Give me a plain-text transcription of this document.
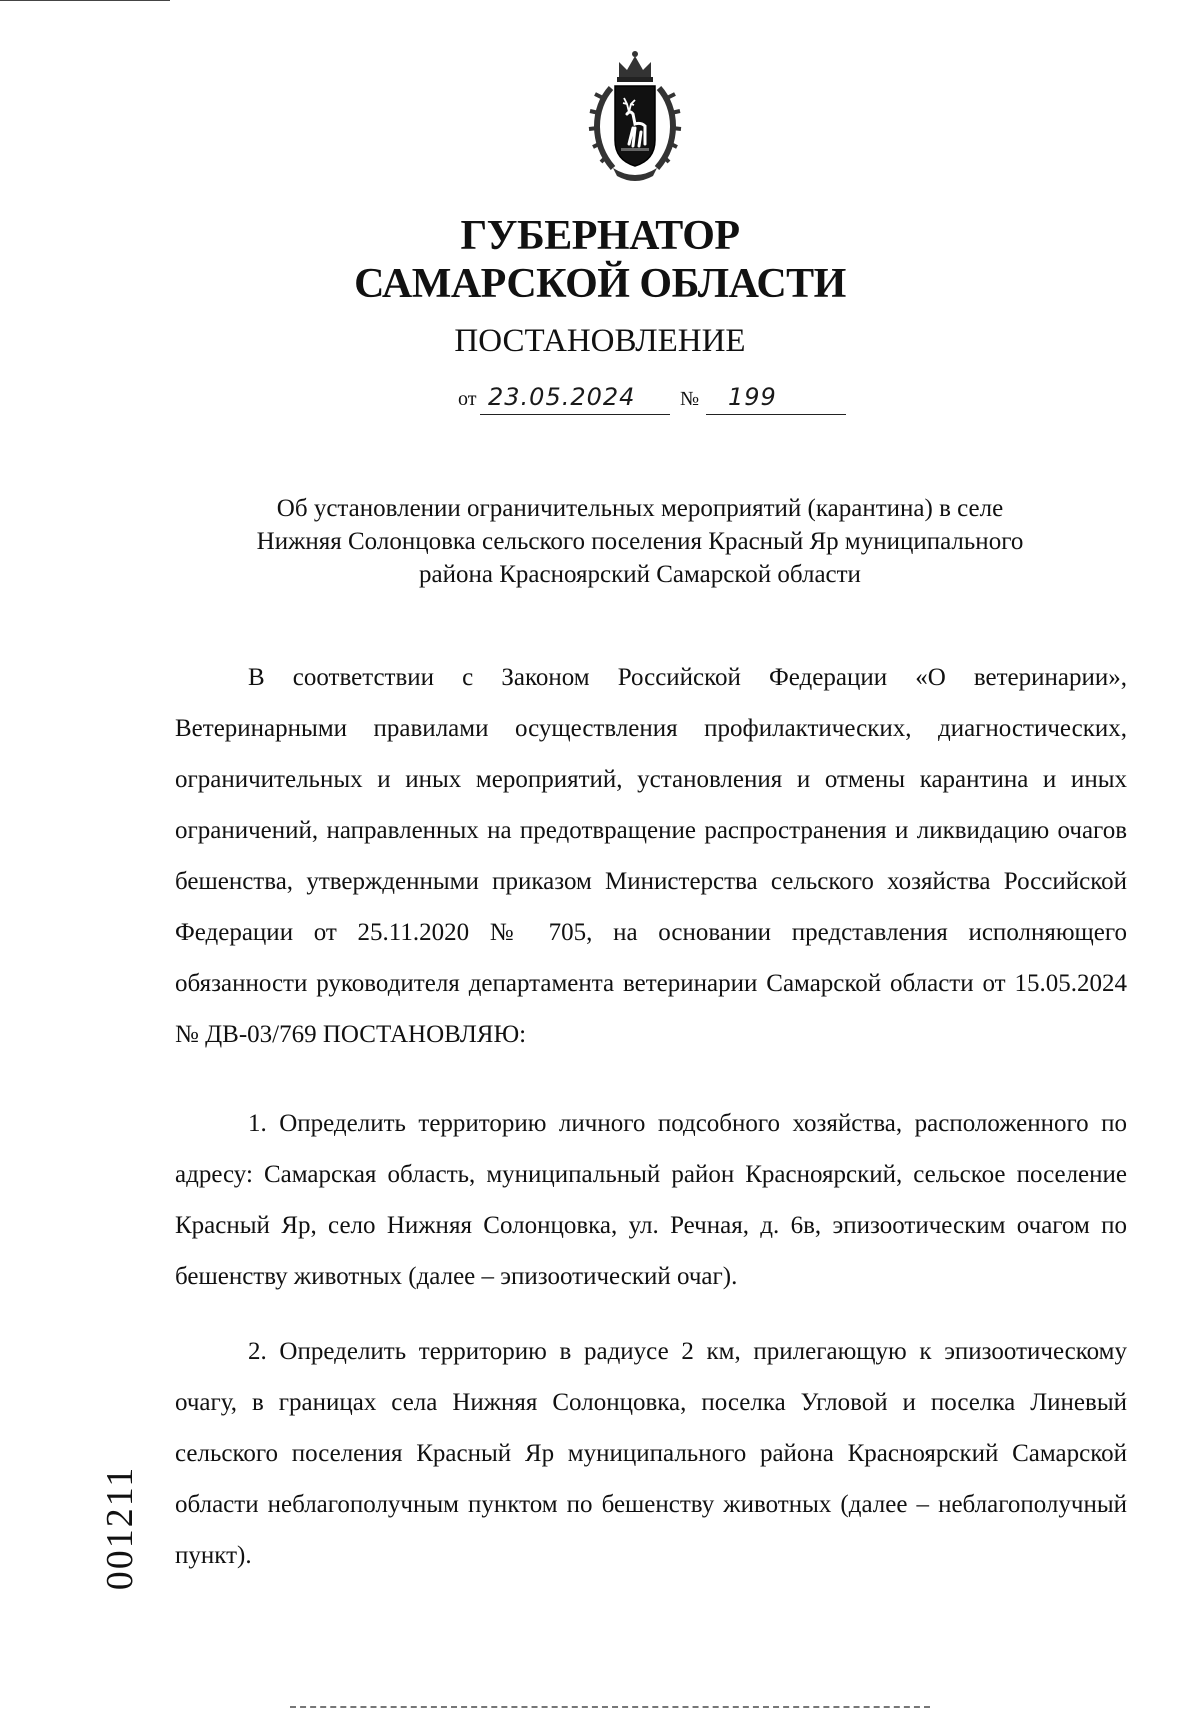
ГУБЕРНАТОР
САМАРСКОЙ ОБЛАСТИ
ПОСТАНОВЛЕНИЕ
от 23.05.2024 № 199
Об установлении ограничительных мероприятий (карантина) в селе Нижняя Солонцовка сельского поселения Красный Яр муниципального района Красноярский Самарской области

В соответствии с Законом Российской Федерации «О ветеринарии», Ветеринарными правилами осуществления профилактических, диагностических, ограничительных и иных мероприятий, установления и отмены карантина и иных ограничений, направленных на предотвращение распространения и ликвидацию очагов бешенства, утвержденными приказом Министерства сельского хозяйства Российской Федерации от 25.11.2020 № 705, на основании представления исполняющего обязанности руководителя департамента ветеринарии Самарской области от 15.05.2024 № ДВ-03/769 ПОСТАНОВЛЯЮ:

1. Определить территорию личного подсобного хозяйства, расположенного по адресу: Самарская область, муниципальный район Красноярский, сельское поселение Красный Яр, село Нижняя Солонцовка, ул. Речная, д. 6в, эпизоотическим очагом по бешенству животных (далее – эпизоотический очаг).

2. Определить территорию в радиусе 2 км, прилегающую к эпизоотическому очагу, в границах села Нижняя Солонцовка, поселка Угловой и поселка Линевый сельского поселения Красный Яр муниципального района Красноярский Самарской области неблагополучным пунктом по бешенству животных (далее – неблагополучный пункт).

001211
